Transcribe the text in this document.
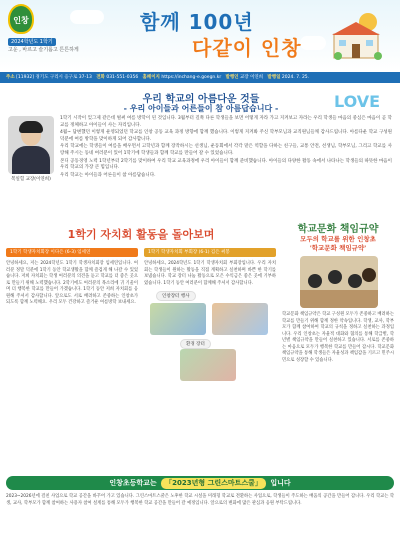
인창
2024학년도 1학기
고운 , 바르고 슬기롭고 튼튼하게
함께 100년
다같이 인창
주소 [11932] 경기도 구리시 응구로 37-13 전화 031-551-0356 홈페이지 https://inchang-e.goegn.kr 발행인 교장 이연희 발행일 2024. 7. 25.
우리 학교의 아름다운 것들
- 우리 아이들과 어른들이 참 아름답습니다 -	LOVE
복일힐 교장(이연희)

1학기 시작이 엊그제 같은데 벌써 여름 방학이 된 것입니다. 3월부터 길쭉 다른 학생들을 보면 어떻게 자라 가고 지켜보고 자라는 우리 학생들 마음의 중심은 마음이 곧 학교를 정체하고 아이들이 사는 자리입니다.

4월~ 답변했던 이렇게 운영되었던 학교를 인창 공동 교육 과정 방향에 함께 했습니다. 이렇게 지켜봐 주신 학부모님과 교직원님들께 감사드립니다. 아름다운 학교 구성원 덕분에 여름 방학을 맞이하게 되어 감사합니다.

우리 학교에는 학생들이 여름을 배우면서 고학년과 함께 장작하시는 선생님, 운동회에서 각각 맡은 역할을 다하는 친구들, 교통 안전, 선생님, 학부모님, 그리고 학교를 사랑해 주시는 동네 여러분이 있어 1학기에 학생들과 함께 학교를 만들어 갈 수 있었습니다.

본디 공동경영 노력 1학년부터 2학기를 맞이하여 우리 학교 교육과정에 우리 아이들이 함께 준비했습니다. 아이들의 다양한 활동 속에서 나타나는 학생들의 따뜻한 마음이 우리 학교의 가장 큰 힘입니다.

우리 학교는 아이들과 어른들이 참 아름답습니다.

1학기 자치회 활동을 돌아보며
1학기 학생자치회장 이다은 (6-3) 임세연
안녕하세요, 저는 2024학년도 1학기 학생자치회장 임세연입니다. 여러분 정말 덕분에 1학기 동안 학교생활을 함께 즐겁게 해 나갈 수 있었습니다. 저희 자치회는 학생 여러분의 의견을 듣고 학교를 더 좋은 곳으로 만들기 위해 노력했습니다. 2학기에도 여러분의 목소리에 귀 기울이며 더 행복한 학교를 만들어 가겠습니다. 1학기 동안 저희 자치회를 응원해 주셔서 감사합니다. 앞으로도 서로 배려하고 존중하는 인창초가 되도록 함께 노력해요. 우리 모두 건강하고 즐거운 여름방학 보내세요.
1학기 학생자치회 부회장 (6-1) 김은 써봉
안녕하세요, 2024학년도 1학기 학생자치회 부회장입니다. 우리 자치회는 학생들이 원하는 활동을 직접 계획하고 실천하며 바쁜 한 학기를 보냈습니다. 학교 장터 나눔 활동으로 모은 수익금은 좋은 곳에 기부하였습니다. 1학기 동안 여러분이 함께해 주셔서 감사합니다.
인창장터 행사
환경 장터
학교문화 책임규약
모두의 학교를 위한 인창초
'학교문화 책임규약'
학교문화 책임규약은 학교 구성원 모두가 존중하고 배려하는 학교를 만들기 위해 함께 정한 약속입니다. 학생, 교사, 학부모가 함께 참여하여 학교의 규칙을 정하고 실천하는 과정입니다. 우리 인창초는 자율적 대화와 협의를 통해 학급별, 학년별 책임규약을 만들어 실천하고 있습니다. 서로를 존중하는 마음으로 모두가 행복한 학교를 만들어 갑시다. 학교문화 책임규약을 통해 학생들은 자율성과 책임감을 기르고 민주시민으로 성장할 수 있습니다.
인창초등학교는 「2023년형 그린스마트스쿨」 입니다
2023~2026년에 걸친 사업으로 학교 공간을 바꾸어 가고 있습니다. 그린스마트스쿨은 노후한 학교 시설을 미래형 학교로 전환하는 사업으로, 학생들이 주도하는 배움의 공간을 만들어 갑니다. 우리 학교는 학생, 교사, 학부모가 함께 참여하는 사용자 참여 설계를 통해 모두가 행복한 학교 공간을 만들어 갈 예정입니다. 앞으로의 변화에 많은 관심과 응원 부탁드립니다.
